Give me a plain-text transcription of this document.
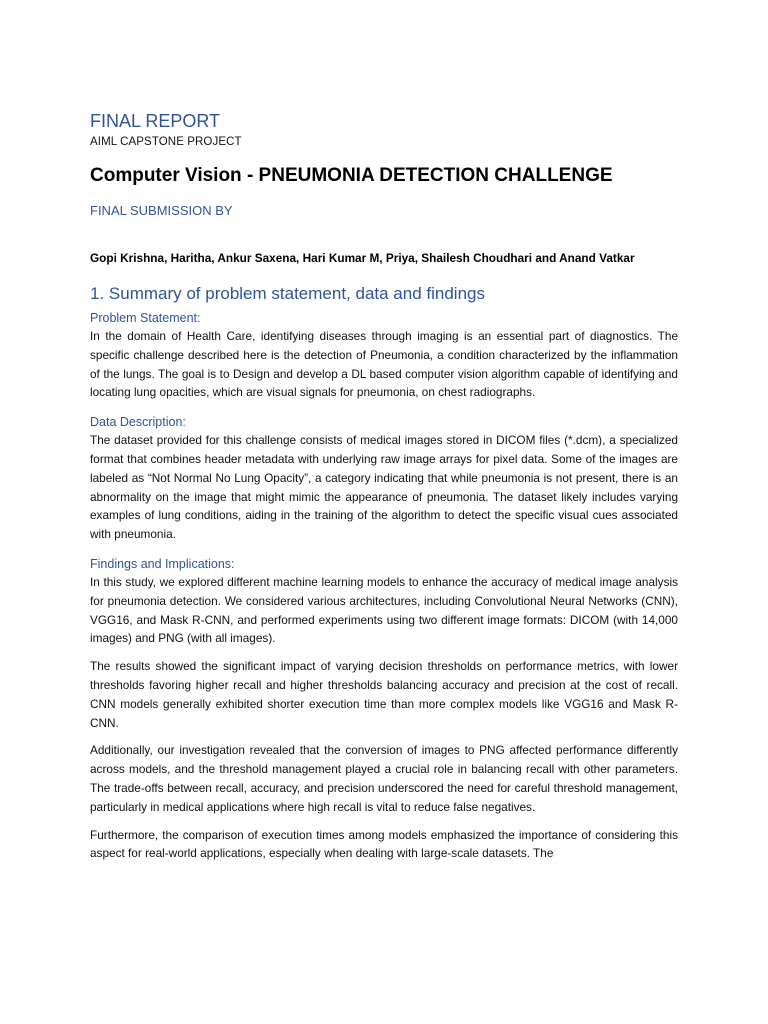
FINAL REPORT
AIML CAPSTONE PROJECT
Computer Vision - PNEUMONIA DETECTION CHALLENGE
FINAL SUBMISSION BY
Gopi Krishna, Haritha, Ankur Saxena, Hari Kumar M, Priya, Shailesh Choudhari and Anand Vatkar
1. Summary of problem statement, data and findings
Problem Statement:

In the domain of Health Care, identifying diseases through imaging is an essential part of diagnostics. The specific challenge described here is the detection of Pneumonia, a condition characterized by the inflammation of the lungs. The goal is to Design and develop a DL based computer vision algorithm capable of identifying and locating lung opacities, which are visual signals for pneumonia, on chest radiographs.

Data Description:

The dataset provided for this challenge consists of medical images stored in DICOM files (*.dcm), a specialized format that combines header metadata with underlying raw image arrays for pixel data. Some of the images are labeled as “Not Normal No Lung Opacity”, a category indicating that while pneumonia is not present, there is an abnormality on the image that might mimic the appearance of pneumonia. The dataset likely includes varying examples of lung conditions, aiding in the training of the algorithm to detect the specific visual cues associated with pneumonia.

Findings and Implications:

In this study, we explored different machine learning models to enhance the accuracy of medical image analysis for pneumonia detection. We considered various architectures, including Convolutional Neural Networks (CNN), VGG16, and Mask R-CNN, and performed experiments using two different image formats: DICOM (with 14,000 images) and PNG (with all images).

The results showed the significant impact of varying decision thresholds on performance metrics, with lower thresholds favoring higher recall and higher thresholds balancing accuracy and precision at the cost of recall. CNN models generally exhibited shorter execution time than more complex models like VGG16 and Mask R-CNN.

Additionally, our investigation revealed that the conversion of images to PNG affected performance differently across models, and the threshold management played a crucial role in balancing recall with other parameters. The trade-offs between recall, accuracy, and precision underscored the need for careful threshold management, particularly in medical applications where high recall is vital to reduce false negatives.

Furthermore, the comparison of execution times among models emphasized the importance of considering this aspect for real-world applications, especially when dealing with large-scale datasets. The
